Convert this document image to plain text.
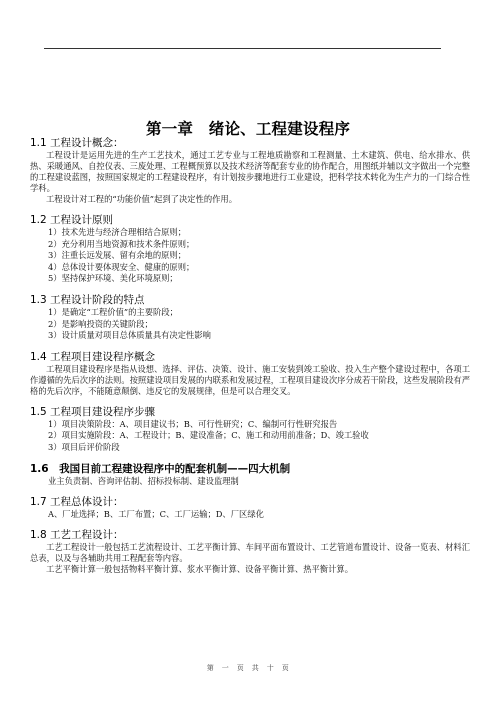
第一章　绪论、工程建设程序
1.1 工程设计概念：
工程设计是运用先进的生产工艺技术，通过工艺专业与工程地质勘察和工程测量、土木建筑、供电、给水排水、供热、采暖通风、自控仪表、三废处理、工程概预算以及技术经济等配套专业的协作配合，用图纸并辅以文字做出一个完整的工程建设蓝图，按照国家规定的工程建设程序，有计划按步骤地进行工业建设，把科学技术转化为生产力的一门综合性学科。
工程设计对工程的“功能价值”起到了决定性的作用。
1.2 工程设计原则
1）技术先进与经济合理相结合原则；
2）充分利用当地资源和技术条件原则；
3）注重长远发展、留有余地的原则；
4）总体设计要体现安全、健康的原则；
5）坚持保护环境、美化环境原则；
1.3 工程设计阶段的特点
1）是确定“工程价值”的主要阶段；
2）是影响投资的关键阶段；
3）设计质量对项目总体质量具有决定性影响
1.4 工程项目建设程序概念
工程项目建设程序是指从设想、选择、评估、决策、设计、施工安装到竣工验收、投入生产整个建设过程中，各项工作遵循的先后次序的法则。按照建设项目发展的内联系和发展过程，工程项目建设次序分成若干阶段，这些发展阶段有严格的先后次序，不能随意颠倒、违反它的发展规律，但是可以合理交叉。
1.5 工程项目建设程序步骤
1）项目决策阶段：A、项目建议书；B、可行性研究；C、编制可行性研究报告
2）项目实施阶段：A、工程设计；B、建设准备；C、施工和动用前准备；D、竣工验收
3）项目后评价阶段
1.6　我国目前工程建设程序中的配套机制——四大机制
业主负责制、咨询评估制、招标投标制、建设监理制
1.7 工程总体设计：
A、厂址选择；B、工厂布置；C、工厂运输；D、厂区绿化
1.8 工艺工程设计：
工艺工程设计一般包括工艺流程设计、工艺平衡计算、车间平面布置设计、工艺管道布置设计、设备一览表、材料汇总表，以及与各辅助共用工程配套等内容。
工艺平衡计算一般包括物料平衡计算、浆水平衡计算、设备平衡计算、热平衡计算。
第　一　页　共　十　页
